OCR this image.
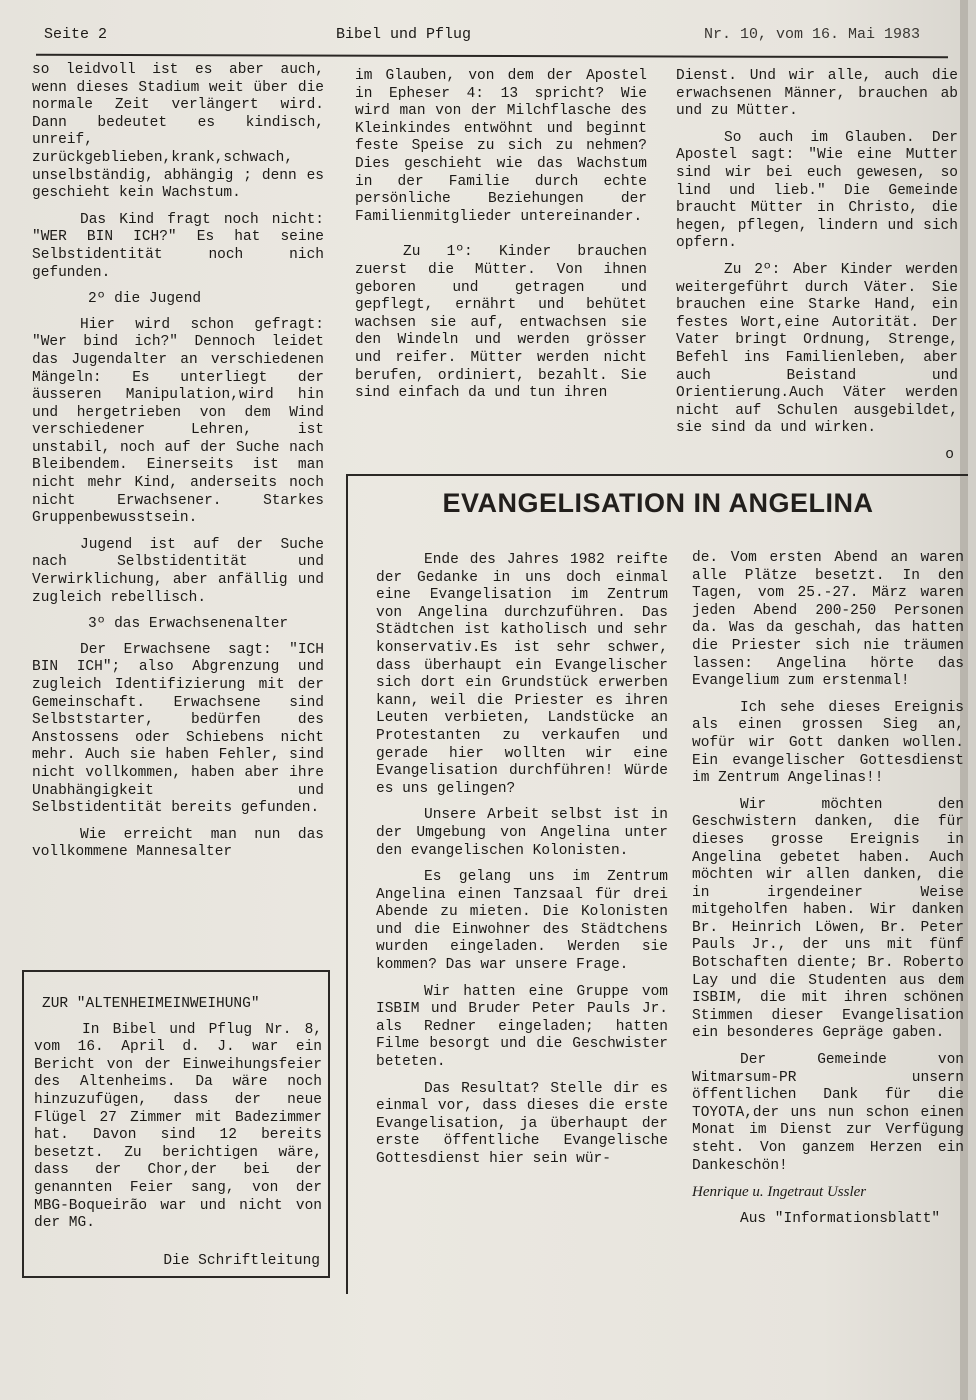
Seite 2	Bibel und Pflug	Nr. 10, vom 16. Mai 1983

so leidvoll ist es aber auch, wenn dieses Stadium weit über die normale Zeit verlängert wird. Dann bedeutet es kindisch, unreif, zurückgeblieben,krank,schwach, unselbständig, abhängig ; denn es geschieht kein Wachstum.

Das Kind fragt noch nicht: "WER BIN ICH?" Es hat seine Selbstidentität noch nich gefunden.

2º die Jugend

Hier wird schon gefragt: "Wer bind ich?" Dennoch leidet das Jugendalter an verschiedenen Mängeln: Es unterliegt der äusseren Manipulation,wird hin und hergetrieben von dem Wind verschiedener Lehren, ist unstabil, noch auf der Suche nach Bleibendem. Einerseits ist man nicht mehr Kind, anderseits noch nicht Erwachsener. Starkes Gruppenbewusstsein.

Jugend ist auf der Suche nach Selbstidentität und Verwirklichung, aber anfällig und zugleich rebellisch.

3º das Erwachsenenalter

Der Erwachsene sagt: "ICH BIN ICH"; also Abgrenzung und zugleich Identifizierung mit der Gemeinschaft. Erwachsene sind Selbststarter, bedürfen des Anstossens oder Schiebens nicht mehr. Auch sie haben Fehler, sind nicht vollkommen, haben aber ihre Unabhängigkeit und Selbstidentität bereits gefunden.

Wie erreicht man nun das vollkommene Mannesalter

im Glauben, von dem der Apostel in Epheser 4: 13 spricht? Wie wird man von der Milchflasche des Kleinkindes entwöhnt und beginnt feste Speise zu sich zu nehmen? Dies geschieht wie das Wachstum in der Familie durch echte persönliche Beziehungen der Familienmitglieder untereinander.

Zu 1º: Kinder brauchen zuerst die Mütter. Von ihnen geboren und getragen und gepflegt, ernährt und behütet wachsen sie auf, entwachsen sie den Windeln und werden grösser und reifer. Mütter werden nicht berufen, ordiniert, bezahlt. Sie sind einfach da und tun ihren

Dienst. Und wir alle, auch die erwachsenen Männer, brauchen ab und zu Mütter.

So auch im Glauben. Der Apostel sagt: "Wie eine Mutter sind wir bei euch gewesen, so lind und lieb." Die Gemeinde braucht Mütter in Christo, die hegen, pflegen, lindern und sich opfern.

Zu 2º: Aber Kinder werden weitergeführt durch Väter. Sie brauchen eine Starke Hand, ein festes Wort,eine Autorität. Der Vater bringt Ordnung, Strenge, Befehl ins Familienleben, aber auch Beistand und Orientierung.Auch Väter werden nicht auf Schulen ausgebildet, sie sind da und wirken.

o
ZUR "ALTENHEIMEINWEIHUNG"

In Bibel und Pflug Nr. 8, vom 16. April d. J. war ein Bericht von der Einweihungsfeier des Altenheims. Da wäre noch hinzuzufügen, dass der neue Flügel 27 Zimmer mit Badezimmer hat. Davon sind 12 bereits besetzt. Zu berichtigen wäre, dass der Chor,der bei der genannten Feier sang, von der MBG-Boqueirão war und nicht von der MG.

Die Schriftleitung
EVANGELISATION IN ANGELINA

Ende des Jahres 1982 reifte der Gedanke in uns doch einmal eine Evangelisation im Zentrum von Angelina durchzuführen. Das Städtchen ist katholisch und sehr konservativ.Es ist sehr schwer, dass überhaupt ein Evangelischer sich dort ein Grundstück erwerben kann, weil die Priester es ihren Leuten verbieten, Landstücke an Protestanten zu verkaufen und gerade hier wollten wir eine Evangelisation durchführen! Würde es uns gelingen?

Unsere Arbeit selbst ist in der Umgebung von Angelina unter den evangelischen Kolonisten.

Es gelang uns im Zentrum Angelina einen Tanzsaal für drei Abende zu mieten. Die Kolonisten und die Einwohner des Städtchens wurden eingeladen. Werden sie kommen? Das war unsere Frage.

Wir hatten eine Gruppe vom ISBIM und Bruder Peter Pauls Jr. als Redner eingeladen; hatten Filme besorgt und die Geschwister beteten.

Das Resultat? Stelle dir es einmal vor, dass dieses die erste Evangelisation, ja überhaupt der erste öffentliche Evangelische Gottesdienst hier sein wür-

de. Vom ersten Abend an waren alle Plätze besetzt. In den Tagen, vom 25.-27. März waren jeden Abend 200-250 Personen da. Was da geschah, das hatten die Priester sich nie träumen lassen: Angelina hörte das Evangelium zum erstenmal!

Ich sehe dieses Ereignis als einen grossen Sieg an, wofür wir Gott danken wollen. Ein evangelischer Gottesdienst im Zentrum Angelinas!!

Wir möchten den Geschwistern danken, die für dieses grosse Ereignis in Angelina gebetet haben. Auch möchten wir allen danken, die in irgendeiner Weise mitgeholfen haben. Wir danken Br. Heinrich Löwen, Br. Peter Pauls Jr., der uns mit fünf Botschaften diente; Br. Roberto Lay und die Studenten aus dem ISBIM, die mit ihren schönen Stimmen dieser Evangelisation ein besonderes Gepräge gaben.

Der Gemeinde von Witmarsum-PR unsern öffentlichen Dank für die TOYOTA,der uns nun schon einen Monat im Dienst zur Verfügung steht. Von ganzem Herzen ein Dankeschön!

Henrique u. Ingetraut Ussler

Aus "Informationsblatt"
